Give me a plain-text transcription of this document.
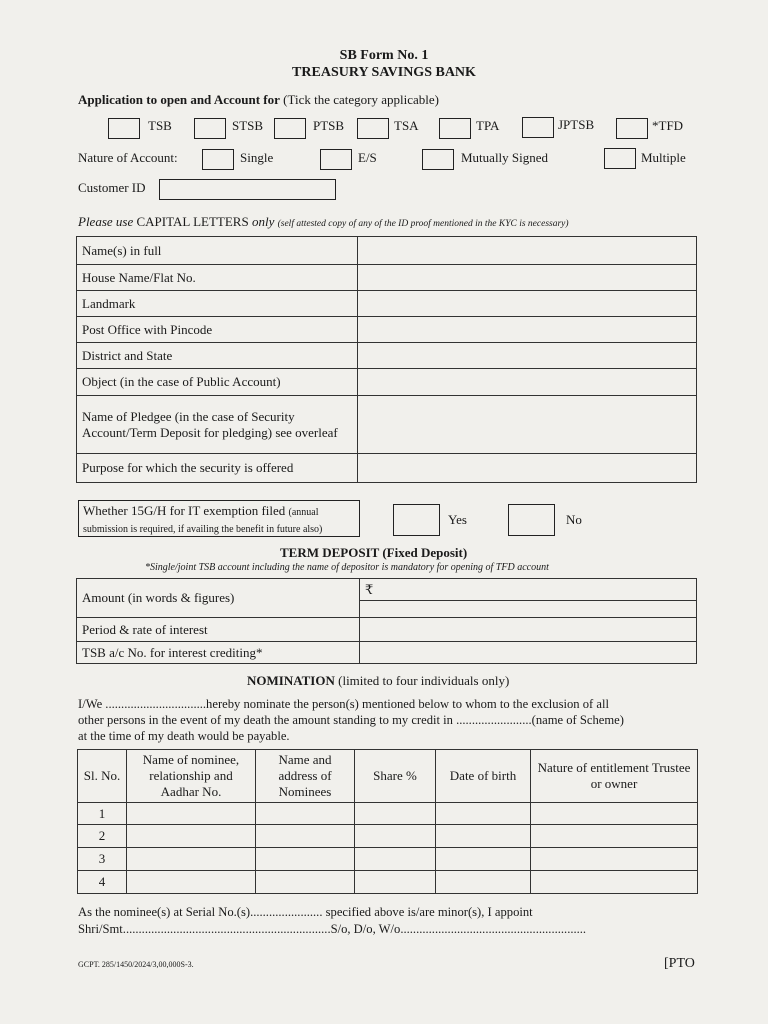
SB Form No. 1
TREASURY SAVINGS BANK
Application to open and Account for (Tick the category applicable)
TSB	STSB	PTSB	TSA	TPA	JPTSB	*TFD
Nature of Account:	Single	E/S	Mutually Signed	Multiple
Customer ID
Please use CAPITAL LETTERS only (self attested copy of any of the ID proof mentioned in the KYC is necessary)
Name(s) in full	
House Name/Flat No.	
Landmark	
Post Office with Pincode	
District and State	
Object (in the case of Public Account)	
Name of Pledgee (in the case of Security Account/Term Deposit for pledging) see overleaf	
Purpose for which the security is offered	
Whether 15G/H for IT exemption filed (annual
submission is required, if availing the benefit in future also)
Yes	No
TERM DEPOSIT (Fixed Deposit)
*Single/joint TSB account including the name of depositor is mandatory for opening of TFD account
Amount (in words & figures)	₹

Period & rate of interest	
TSB a/c No. for interest crediting*	
NOMINATION (limited to four individuals only)
I/We ................................hereby nominate the person(s) mentioned below to whom to the exclusion of all
other persons in the event of my death the amount standing to my credit in ........................(name of Scheme)
at the time of my death would be payable.
Sl. No.	Name of nominee, relationship and Aadhar No.	Name and address of Nominees	Share %	Date of birth	Nature of entitlement Trustee or owner
1					
2					
3					
4					
As the nominee(s) at Serial No.(s)....................... specified above is/are minor(s), I appoint
Shri/Smt..................................................................S/o, D/o, W/o...........................................................
GCPT. 285/1450/2024/3,00,000S-3.	[PTO
